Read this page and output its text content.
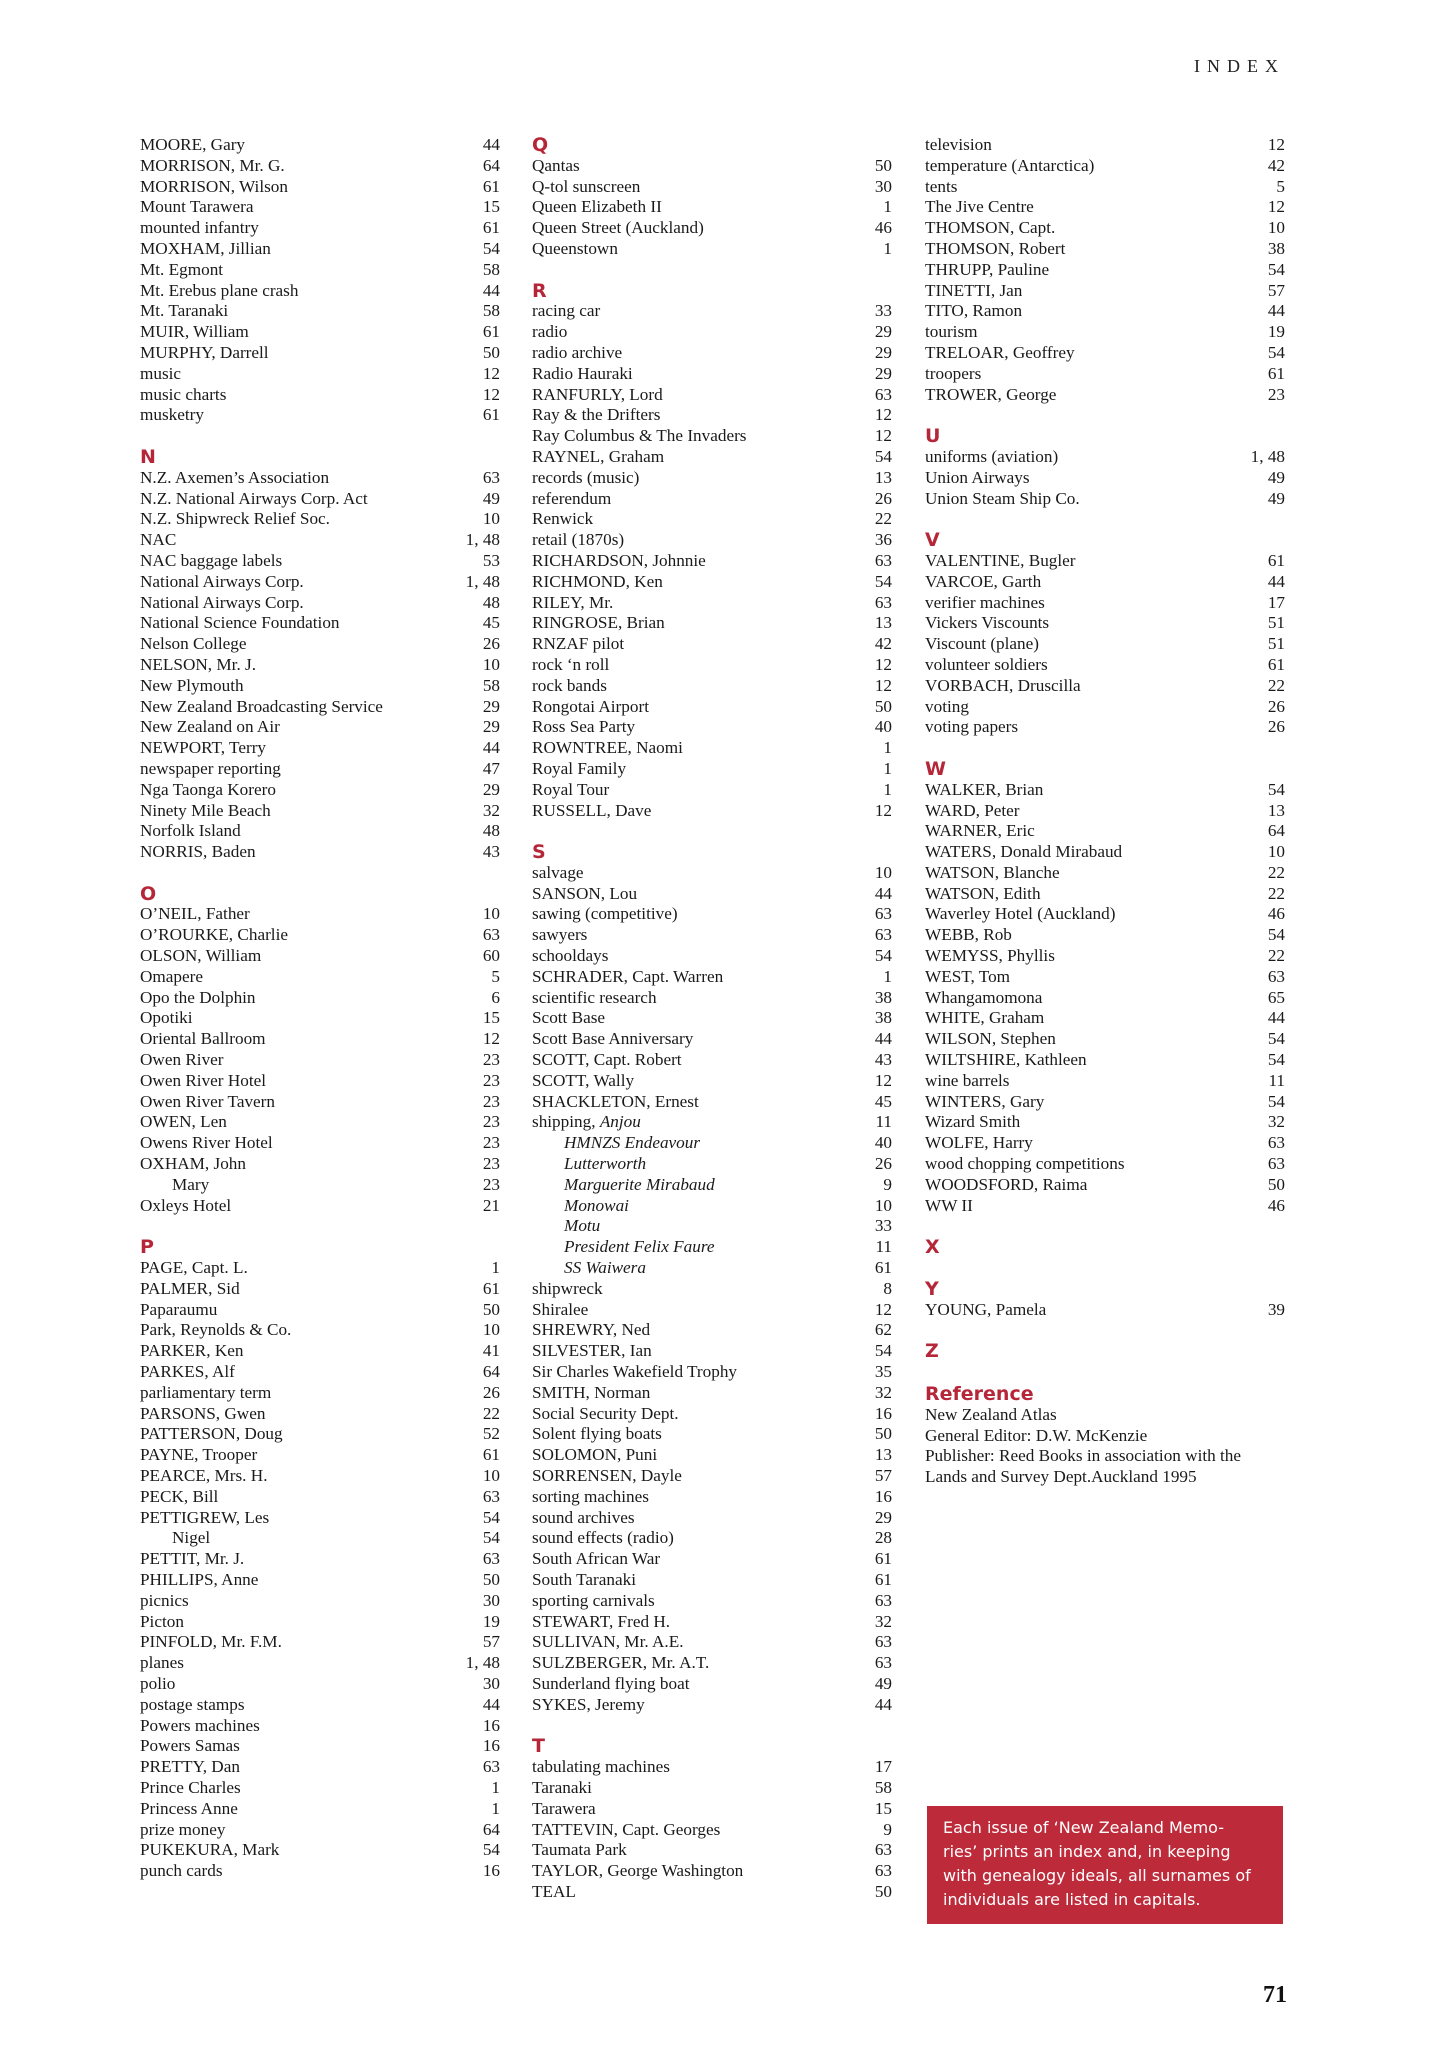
INDEX
MOORE, Gary	44
MORRISON, Mr. G.	64
MORRISON, Wilson	61
Mount Tarawera	15
mounted infantry	61
MOXHAM, Jillian	54
Mt. Egmont	58
Mt. Erebus plane crash	44
Mt. Taranaki	58
MUIR, William	61
MURPHY, Darrell	50
music	12
music charts	12
musketry	61
N
N.Z. Axemen’s Association	63
N.Z. National Airways Corp. Act	49
N.Z. Shipwreck Relief Soc.	10
NAC	1, 48
NAC baggage labels	53
National Airways Corp.	1, 48
National Airways Corp.	48
National Science Foundation	45
Nelson College	26
NELSON, Mr. J.	10
New Plymouth	58
New Zealand Broadcasting Service	29
New Zealand on Air	29
NEWPORT, Terry	44
newspaper reporting	47
Nga Taonga Korero	29
Ninety Mile Beach	32
Norfolk Island	48
NORRIS, Baden	43
O
O’NEIL, Father	10
O’ROURKE, Charlie	63
OLSON, William	60
Omapere	5
Opo the Dolphin	6
Opotiki	15
Oriental Ballroom	12
Owen River	23
Owen River Hotel	23
Owen River Tavern	23
OWEN, Len	23
Owens River Hotel	23
OXHAM, John	23
Mary	23
Oxleys Hotel	21
P
PAGE, Capt. L.	1
PALMER, Sid	61
Paparaumu	50
Park, Reynolds & Co.	10
PARKER, Ken	41
PARKES, Alf	64
parliamentary term	26
PARSONS, Gwen	22
PATTERSON, Doug	52
PAYNE, Trooper	61
PEARCE, Mrs. H.	10
PECK, Bill	63
PETTIGREW, Les	54
Nigel	54
PETTIT, Mr. J.	63
PHILLIPS, Anne	50
picnics	30
Picton	19
PINFOLD, Mr. F.M.	57
planes	1, 48
polio	30
postage stamps	44
Powers machines	16
Powers Samas	16
PRETTY, Dan	63
Prince Charles	1
Princess Anne	1
prize money	64
PUKEKURA, Mark	54
punch cards	16
Q
Qantas	50
Q-tol sunscreen	30
Queen Elizabeth II	1
Queen Street (Auckland)	46
Queenstown	1
R
racing car	33
radio	29
radio archive	29
Radio Hauraki	29
RANFURLY, Lord	63
Ray & the Drifters	12
Ray Columbus & The Invaders	12
RAYNEL, Graham	54
records (music)	13
referendum	26
Renwick	22
retail (1870s)	36
RICHARDSON, Johnnie	63
RICHMOND, Ken	54
RILEY, Mr.	63
RINGROSE, Brian	13
RNZAF pilot	42
rock ‘n roll	12
rock bands	12
Rongotai Airport	50
Ross Sea Party	40
ROWNTREE, Naomi	1
Royal Family	1
Royal Tour	1
RUSSELL, Dave	12
S
salvage	10
SANSON, Lou	44
sawing (competitive)	63
sawyers	63
schooldays	54
SCHRADER, Capt. Warren	1
scientific research	38
Scott Base	38
Scott Base Anniversary	44
SCOTT, Capt. Robert	43
SCOTT, Wally	12
SHACKLETON, Ernest	45
shipping, Anjou	11
HMNZS Endeavour	40
Lutterworth	26
Marguerite Mirabaud	9
Monowai	10
Motu	33
President Felix Faure	11
SS Waiwera	61
shipwreck	8
Shiralee	12
SHREWRY, Ned	62
SILVESTER, Ian	54
Sir Charles Wakefield Trophy	35
SMITH, Norman	32
Social Security Dept.	16
Solent flying boats	50
SOLOMON, Puni	13
SORRENSEN, Dayle	57
sorting machines	16
sound archives	29
sound effects (radio)	28
South African War	61
South Taranaki	61
sporting carnivals	63
STEWART, Fred H.	32
SULLIVAN, Mr. A.E.	63
SULZBERGER, Mr. A.T.	63
Sunderland flying boat	49
SYKES, Jeremy	44
T
tabulating machines	17
Taranaki	58
Tarawera	15
TATTEVIN, Capt. Georges	9
Taumata Park	63
TAYLOR, George Washington	63
TEAL	50
television	12
temperature (Antarctica)	42
tents	5
The Jive Centre	12
THOMSON, Capt.	10
THOMSON, Robert	38
THRUPP, Pauline	54
TINETTI, Jan	57
TITO, Ramon	44
tourism	19
TRELOAR, Geoffrey	54
troopers	61
TROWER, George	23
U
uniforms (aviation)	1, 48
Union Airways	49
Union Steam Ship Co.	49
V
VALENTINE, Bugler	61
VARCOE, Garth	44
verifier machines	17
Vickers Viscounts	51
Viscount (plane)	51
volunteer soldiers	61
VORBACH, Druscilla	22
voting	26
voting papers	26
W
WALKER, Brian	54
WARD, Peter	13
WARNER, Eric	64
WATERS, Donald Mirabaud	10
WATSON, Blanche	22
WATSON, Edith	22
Waverley Hotel (Auckland)	46
WEBB, Rob	54
WEMYSS, Phyllis	22
WEST, Tom	63
Whangamomona	65
WHITE, Graham	44
WILSON, Stephen	54
WILTSHIRE, Kathleen	54
wine barrels	11
WINTERS, Gary	54
Wizard Smith	32
WOLFE, Harry	63
wood chopping competitions	63
WOODSFORD, Raima	50
WW II	46
X
Y
YOUNG, Pamela	39
Z
Reference
New Zealand Atlas
General Editor: D.W. McKenzie
Publisher: Reed Books in association with the
Lands and Survey Dept.Auckland 1995
Each issue of ‘New Zealand Memo-
ries’ prints an index and, in keeping
with genealogy ideals, all surnames of
individuals are listed in capitals.
71
